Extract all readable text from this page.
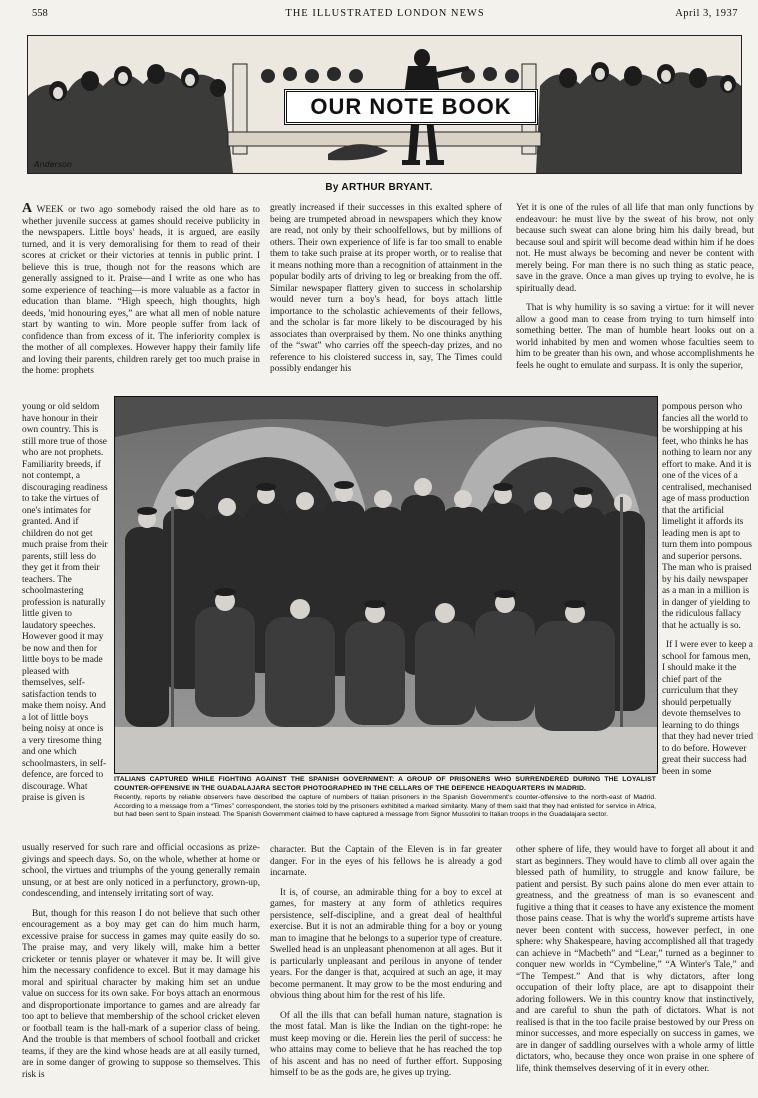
558	THE ILLUSTRATED LONDON NEWS	April 3, 1937
OUR NOTE BOOK
Anderson
By ARTHUR BRYANT.

A WEEK or two ago somebody raised the old hare as to whether juvenile success at games should receive publicity in the newspapers. Little boys' heads, it is argued, are easily turned, and it is very demoralising for them to read of their scores at cricket or their victories at tennis in public print. I believe this is true, though not for the reasons which are generally assigned to it. Praise—and I write as one who has some experience of teaching—is more valuable as a factor in education than blame. “High speech, high thoughts, high deeds, 'mid honouring eyes,” are what all men of noble nature start by wanting to win. More people suffer from lack of confidence than from excess of it. The inferiority complex is the mother of all complexes. However happy their family life and loving their parents, children rarely get too much praise in the home: prophets

young or old seldom have honour in their own country. This is still more true of those who are not prophets. Familiarity breeds, if not contempt, a discouraging readiness to take the virtues of one's intimates for granted. And if children do not get much praise from their parents, still less do they get it from their teachers. The schoolmastering profession is naturally little given to laudatory speeches. However good it may be now and then for little boys to be made pleased with themselves, self-satisfaction tends to make them noisy. And a lot of little boys being noisy at once is a very tiresome thing and one which schoolmasters, in self-defence, are forced to discourage. What praise is given is

usually reserved for such rare and official occasions as prize-givings and speech days. So, on the whole, whether at home or school, the virtues and triumphs of the young generally remain unsung, or at best are only noticed in a perfunctory, grown-up, condescending, and intensely irritating sort of way.

But, though for this reason I do not believe that such other encouragement as a boy may get can do him much harm, excessive praise for success in games may quite easily do so. The praise may, and very likely will, make him a better cricketer or tennis player or whatever it may be. It will give him the necessary confidence to excel. But it may damage his moral and spiritual character by making him set an undue value on success for its own sake. For boys attach an enormous and disproportionate importance to games and are already far too apt to believe that membership of the school cricket eleven or football team is the hall-mark of a superior class of being. And the trouble is that members of school football and cricket teams, if they are the kind whose heads are at all easily turned, are in some danger of growing to suppose so themselves. This risk is

greatly increased if their successes in this exalted sphere of being are trumpeted abroad in newspapers which they know are read, not only by their schoolfellows, but by millions of others. Their own experience of life is far too small to enable them to take such praise at its proper worth, or to realise that it means nothing more than a recognition of attainment in the popular bodily arts of driving to leg or breaking from the off. Similar newspaper flattery given to success in scholarship would never turn a boy's head, for boys attach little importance to the scholastic achievements of their fellows, and the scholar is far more likely to be discouraged by his associates than overpraised by them. No one thinks anything of the “swat” who carries off the speech-day prizes, and no reference to his cloistered success in, say, The Times could possibly endanger his

Yet it is one of the rules of all life that man only functions by endeavour: he must live by the sweat of his brow, not only because such sweat can alone bring him his daily bread, but because soul and spirit will become dead within him if he does not. He must always be becoming and never be content with merely being. For man there is no such thing as static peace, save in the grave. Once a man gives up trying to evolve, he is spiritually dead.

That is why humility is so saving a virtue: for it will never allow a good man to cease from trying to turn himself into something better. The man of humble heart looks out on a world inhabited by men and women whose faculties seem to him to be greater than his own, and whose accomplishments he feels he ought to emulate and surpass. It is only the superior,

pompous person who fancies all the world to be worshipping at his feet, who thinks he has nothing to learn nor any effort to make. And it is one of the vices of a centralised, mechanised age of mass production that the artificial limelight it affords its leading men is apt to turn them into pompous and superior persons. The man who is praised by his daily newspaper as a man in a million is in danger of yielding to the ridiculous fallacy that he actually is so.

If I were ever to keep a school for famous men, I should make it the chief part of the curriculum that they should perpetually devote themselves to learning to do things that they had never tried to do before. However great their success had been in some

ITALIANS CAPTURED WHILE FIGHTING AGAINST THE SPANISH GOVERNMENT: A GROUP OF PRISONERS WHO SURRENDERED DURING THE LOYALIST COUNTER-OFFENSIVE IN THE GUADALAJARA SECTOR PHOTOGRAPHED IN THE CELLARS OF THE DEFENCE HEADQUARTERS IN MADRID.
Recently, reports by reliable observers have described the capture of numbers of Italian prisoners in the Spanish Government's counter-offensive to the north-east of Madrid. According to a message from a “Times” correspondent, the stories told by the prisoners exhibited a marked similarity. Many of them said that they had enlisted for service in Africa, but had been sent to Spain instead. The Spanish Government claimed to have captured a message from Signor Mussolini to Italian troops in the Guadalajara sector.

character. But the Captain of the Eleven is in far greater danger. For in the eyes of his fellows he is already a god incarnate.

It is, of course, an admirable thing for a boy to excel at games, for mastery at any form of athletics requires persistence, self-discipline, and a great deal of healthful exercise. But it is not an admirable thing for a boy or young man to imagine that he belongs to a superior type of creature. Swelled head is an unpleasant phenomenon at all ages. But it is particularly unpleasant and perilous in anyone of tender years. For the danger is that, acquired at such an age, it may become permanent. It may grow to be the most enduring and obvious thing about him for the rest of his life.

Of all the ills that can befall human nature, stagnation is the most fatal. Man is like the Indian on the tight-rope: he must keep moving or die. Herein lies the peril of success: he who attains may come to believe that he has reached the top of his ascent and has no need of further effort. Supposing himself to be as the gods are, he gives up trying.

other sphere of life, they would have to forget all about it and start as beginners. They would have to climb all over again the blessed path of humility, to struggle and know failure, be patient and persist. By such pains alone do men ever attain to greatness, and the greatness of man is so evanescent and fugitive a thing that it ceases to have any existence the moment those pains cease. That is why the world's supreme artists have never been content with success, however perfect, in one sphere: why Shakespeare, having accomplished all that tragedy can achieve in “Macbeth” and “Lear,” turned as a beginner to conquer new worlds in “Cymbeline,” “A Winter's Tale,” and “The Tempest.” And that is why dictators, after long occupation of their lofty place, are apt to disappoint their adoring followers. We in this country know that instinctively, and are careful to shun the path of dictators. What is not realised is that in the too facile praise bestowed by our Press on minor successes, and more especially on success in games, we are in danger of saddling ourselves with a whole army of little dictators, who, because they once won praise in one sphere of life, think themselves deserving of it in every other.
